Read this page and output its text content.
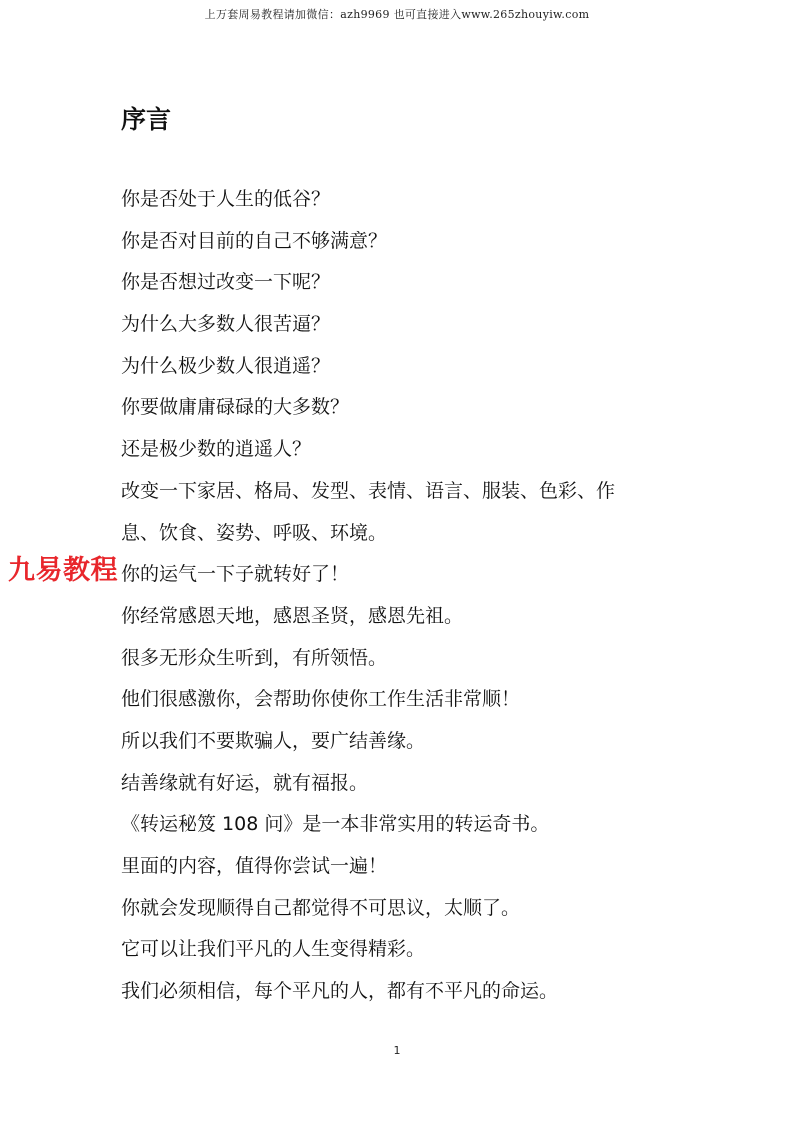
上万套周易教程请加微信：azh9969 也可直接进入www.265zhouyiw.com
序言
你是否处于人生的低谷？
你是否对目前的自己不够满意？
你是否想过改变一下呢？
为什么大多数人很苦逼？
为什么极少数人很逍遥？
你要做庸庸碌碌的大多数？
还是极少数的逍遥人？
改变一下家居、格局、发型、表情、语言、服装、色彩、作
息、饮食、姿势、呼吸、环境。
你的运气一下子就转好了！
你经常感恩天地，感恩圣贤，感恩先祖。
很多无形众生听到，有所领悟。
他们很感激你，会帮助你使你工作生活非常顺！
所以我们不要欺骗人，要广结善缘。
结善缘就有好运，就有福报。
《转运秘笈 108 问》是一本非常实用的转运奇书。
里面的内容，值得你尝试一遍！
你就会发现顺得自己都觉得不可思议，太顺了。
它可以让我们平凡的人生变得精彩。
我们必须相信，每个平凡的人，都有不平凡的命运。
九易教程
1
